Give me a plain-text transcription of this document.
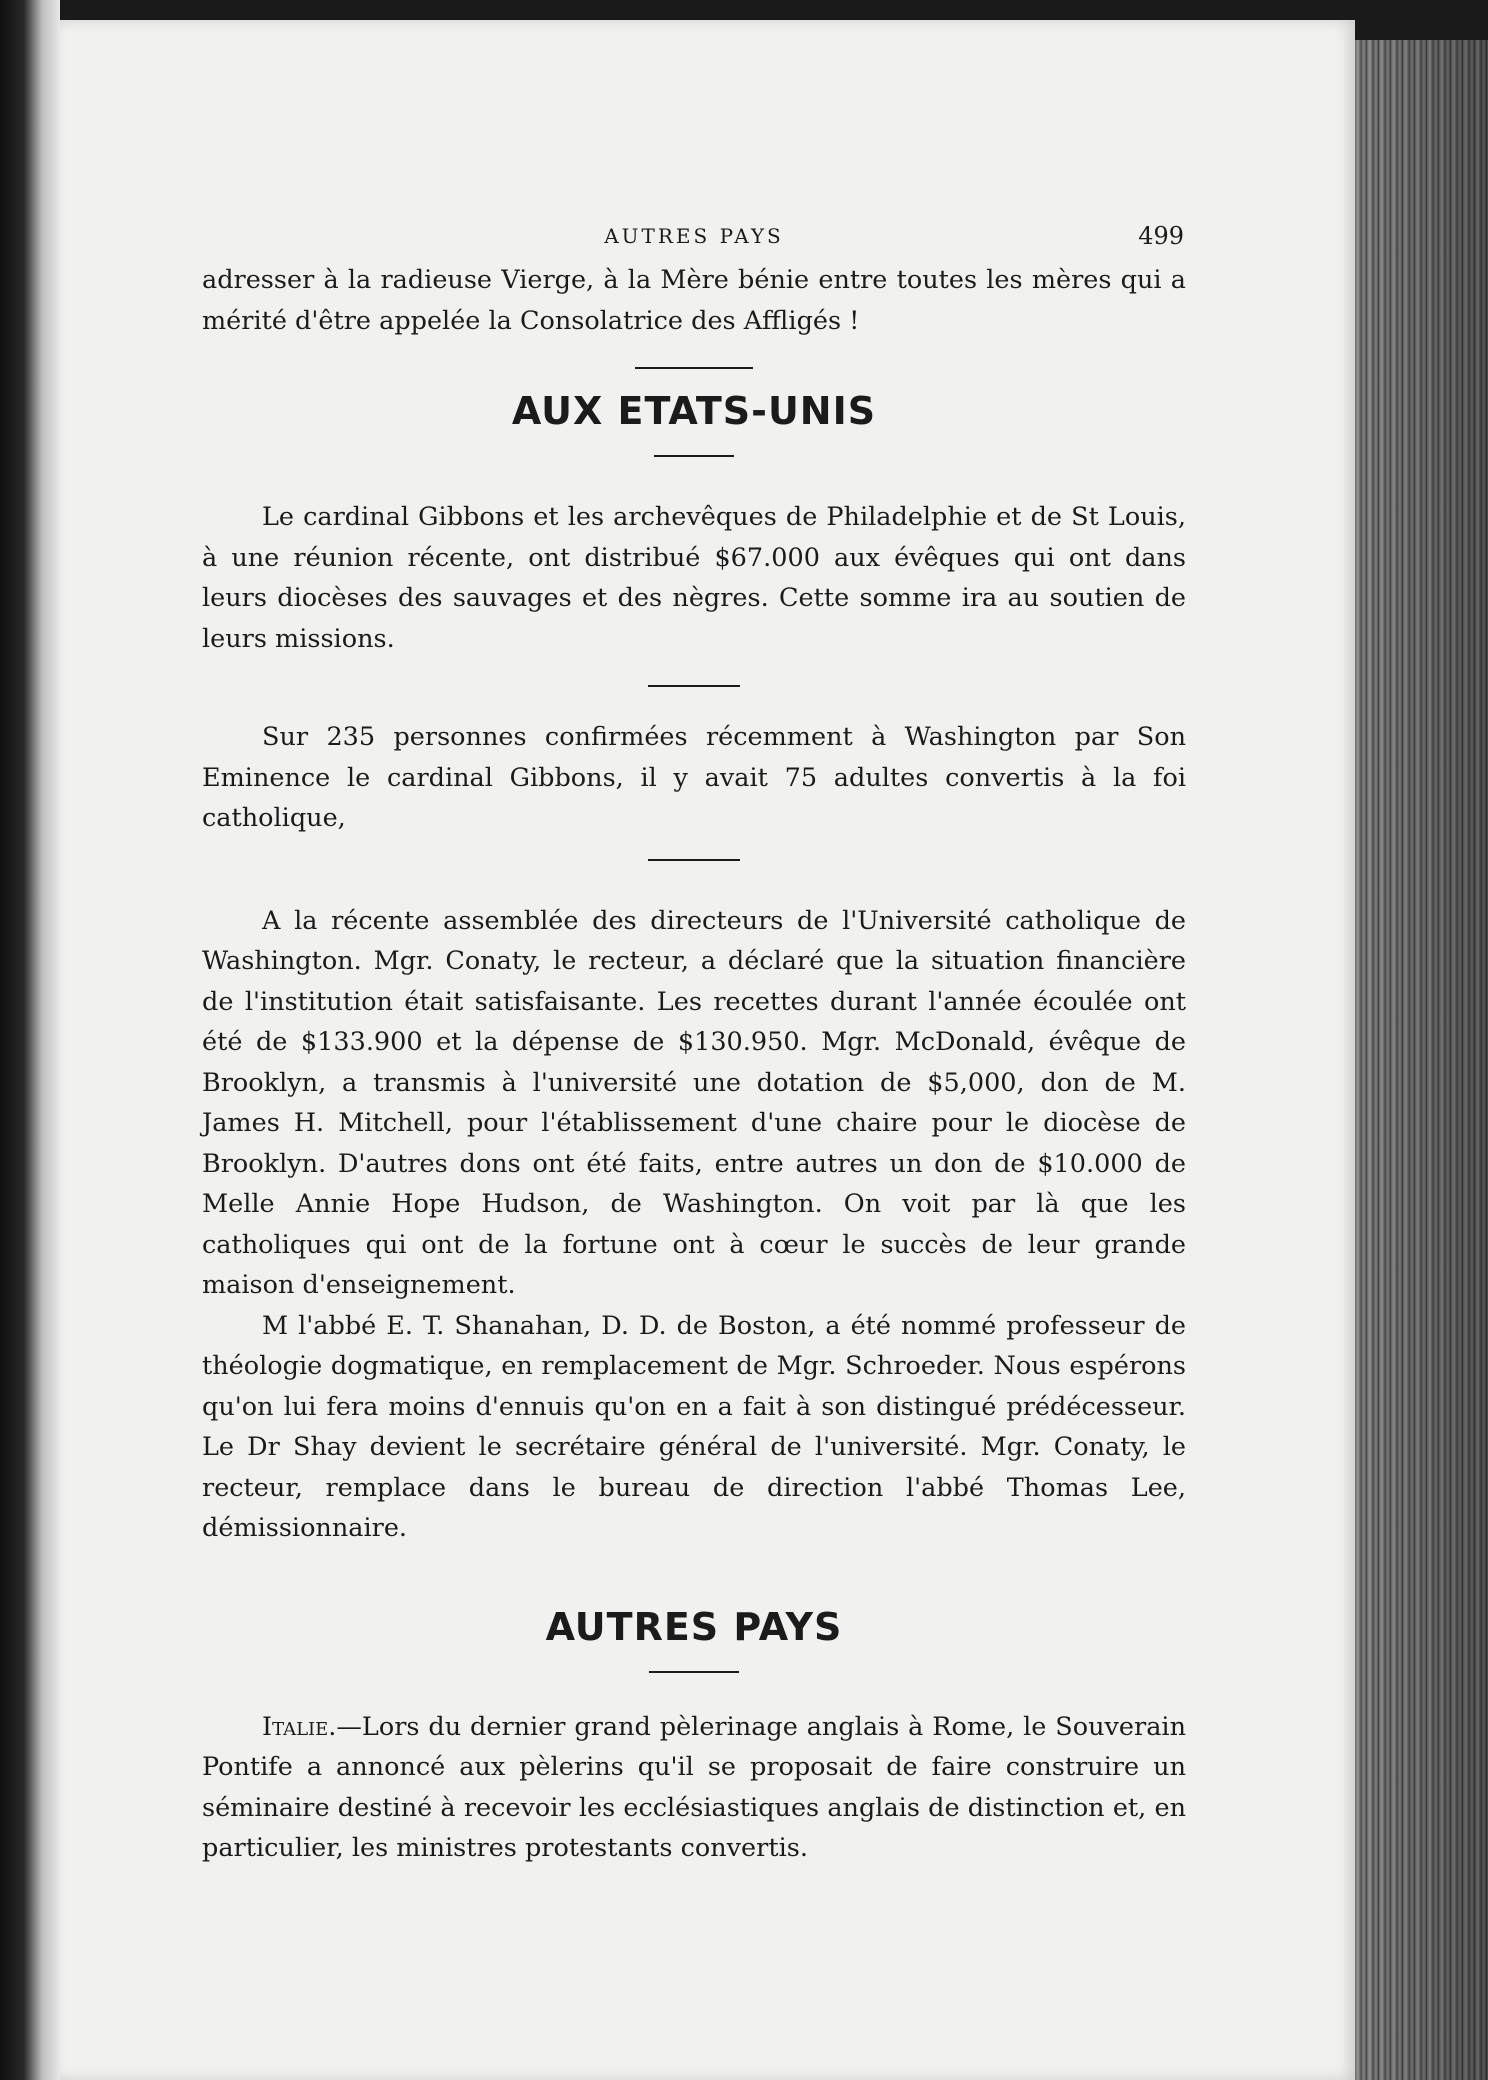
AUTRES PAYS	499

adresser à la radieuse Vierge, à la Mère bénie entre toutes les mères qui a mérité d'être appelée la Consolatrice des Affligés !

AUX ETATS-UNIS

Le cardinal Gibbons et les archevêques de Philadelphie et de St Louis, à une réunion récente, ont distribué $67.000 aux évêques qui ont dans leurs diocèses des sauvages et des nègres. Cette somme ira au soutien de leurs missions.

Sur 235 personnes confirmées récemment à Washington par Son Eminence le cardinal Gibbons, il y avait 75 adultes convertis à la foi catholique,

A la récente assemblée des directeurs de l'Université catholique de Washington. Mgr. Conaty, le recteur, a déclaré que la situation financière de l'institution était satisfaisante. Les recettes durant l'année écoulée ont été de $133.900 et la dépense de $130.950. Mgr. McDonald, évêque de Brooklyn, a transmis à l'université une dotation de $5,000, don de M. James H. Mitchell, pour l'établissement d'une chaire pour le diocèse de Brooklyn. D'autres dons ont été faits, entre autres un don de $10.000 de Melle Annie Hope Hudson, de Washington. On voit par là que les catholiques qui ont de la fortune ont à cœur le succès de leur grande maison d'enseignement.

M l'abbé E. T. Shanahan, D. D. de Boston, a été nommé professeur de théologie dogmatique, en remplacement de Mgr. Schroeder. Nous espérons qu'on lui fera moins d'ennuis qu'on en a fait à son distingué prédécesseur. Le Dr Shay devient le secrétaire général de l'université. Mgr. Conaty, le recteur, remplace dans le bureau de direction l'abbé Thomas Lee, démissionnaire.

AUTRES PAYS

Italie.—Lors du dernier grand pèlerinage anglais à Rome, le Souverain Pontife a annoncé aux pèlerins qu'il se proposait de faire construire un séminaire destiné à recevoir les ecclésiastiques anglais de distinction et, en particulier, les ministres protestants convertis.
